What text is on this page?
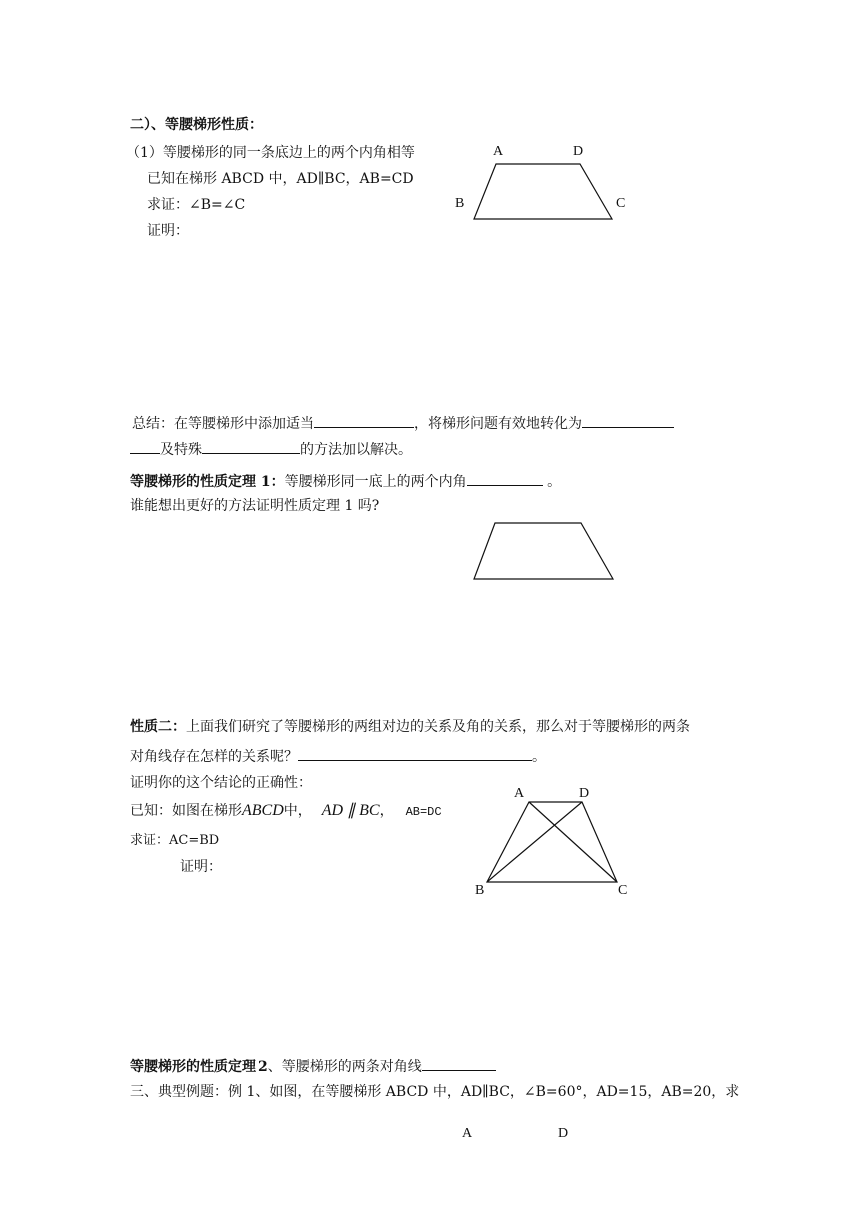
二）、等腰梯形性质：
（1）等腰梯形的同一条底边上的两个内角相等
已知在梯形 ABCD 中，AD∥BC，AB=CD
求证：∠B=∠C
证明：
A	D
B	C
总结：在等腰梯形中添加适当	，将梯形问题有效地转化为
及特殊	的方法加以解决。
等腰梯形的性质定理 1：等腰梯形同一底上的两个内角	。
谁能想出更好的方法证明性质定理 1 吗?
性质二：上面我们研究了等腰梯形的两组对边的关系及角的关系，那么对于等腰梯形的两条
对角线存在怎样的关系呢？	。
证明你的这个结论的正确性：
已知：如图在梯形ABCD中， AD ∥ BC， AB=DC
求证：AC=BD
证明：
A	D
B	C
等腰梯形的性质定理 2、等腰梯形的两条对角线
三、典型例题：例 1、如图，在等腰梯形 ABCD 中，AD∥BC，∠B=60°，AD=15，AB=20，求
A	D
